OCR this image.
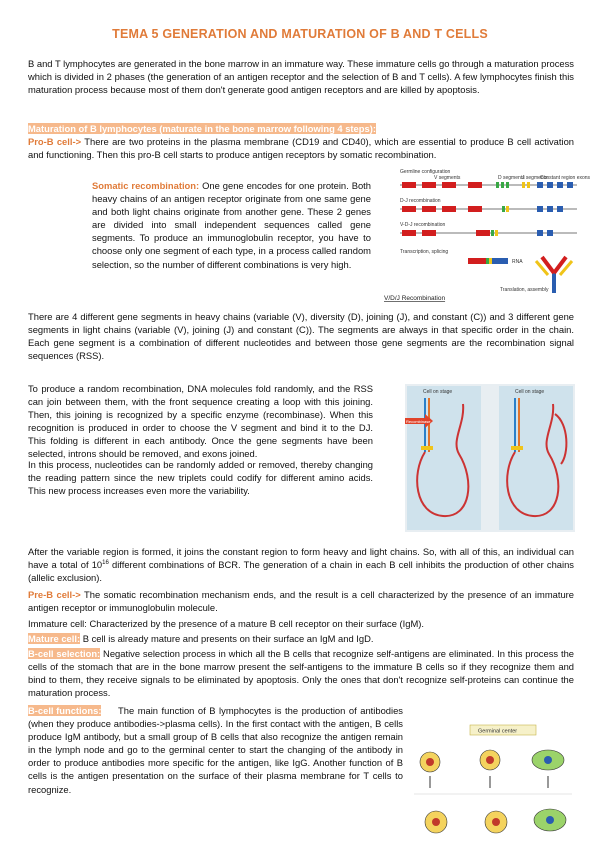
TEMA 5 GENERATION AND MATURATION OF B AND T CELLS
B and T lymphocytes are generated in the bone marrow in an immature way. These immature cells go through a maturation process which is divided in 2 phases (the generation of an antigen receptor and the selection of B and T cells). A few lymphocytes finish this maturation process because most of them don't generate good antigen receptors and are killed by apoptosis.
Maturation of B lymphocytes (maturate in the bone marrow following 4 steps):
Pro-B cell-> There are two proteins in the plasma membrane (CD19 and CD40), which are essential to produce B cell activation and functioning. Then this pro-B cell starts to produce antigen receptors by somatic recombination.
Somatic recombination: One gene encodes for one protein. Both heavy chains of an antigen receptor originate from one same gene and both light chains originate from another gene. These 2 genes are divided into small independent sequences called gene segments. To produce an immunoglobulin receptor, you have to choose only one segment of each type, in a process called random selection, so the number of different combinations is very high.
Germline configuration
V segments	D segments
J segments
Constant region exons
D-J recombination
V-D-J recombination
Transcription, splicing
RNA
Translation, assembly
V/D/J Recombination
There are 4 different gene segments in heavy chains (variable (V), diversity (D), joining (J), and constant (C)) and 3 different gene segments in light chains (variable (V), joining (J) and constant (C)). The segments are always in that specific order in the chain. Each gene segment is a combination of different nucleotides and between those gene segments are the recombination signal sequences (RSS).
To produce a random recombination, DNA molecules fold randomly, and the RSS can join between them, with the front sequence creating a loop with this joining. Then, this joining is recognized by a specific enzyme (recombinase). When this recognition is produced in order to choose the V segment and bind it to the DJ. This folding is different in each antibody. Once the gene segments have been selected, introns should be removed, and exons joined.
In this process, nucleotides can be randomly added or removed, thereby changing the reading pattern since the new triplets could codify for different amino acids. This new process increases even more the variability.
Cell on stage	Cell on stage
Recombinase
After the variable region is formed, it joins the constant region to form heavy and light chains. So, with all of this, an individual can have a total of $10^{16}$ different combinations of BCR. The generation of a chain in each B cell inhibits the production of other chains (allelic exclusion).
Pre-B cell-> The somatic recombination mechanism ends, and the result is a cell characterized by the presence of an immature antigen receptor or immunoglobulin molecule.
Immature cell: Characterized by the presence of a mature B cell receptor on their surface (IgM).
Mature cell: B cell is already mature and presents on their surface an IgM and IgD.
B-cell selection: Negative selection process in which all the B cells that recognize self-antigens are eliminated. In this process the cells of the stomach that are in the bone marrow present the self-antigens to the immature B cells so if they recognize them and bind to them, they receive signals to be eliminated by apoptosis. Only the ones that don't recognize self-proteins can continue the maturation process.
B-cell functions:	The main function of B lymphocytes is the production of antibodies (when they produce antibodies->plasma cells). In the first contact with the antigen, B cells produce IgM antibody, but a small group of B cells that also recognize the antigen remain in the lymph node and go to the germinal center to start the changing of the antibody in order to produce antibodies more specific for the antigen, like IgG. Another function of B cells is the antigen presentation on the surface of their plasma membrane for T cells to recognize.
Germinal center
